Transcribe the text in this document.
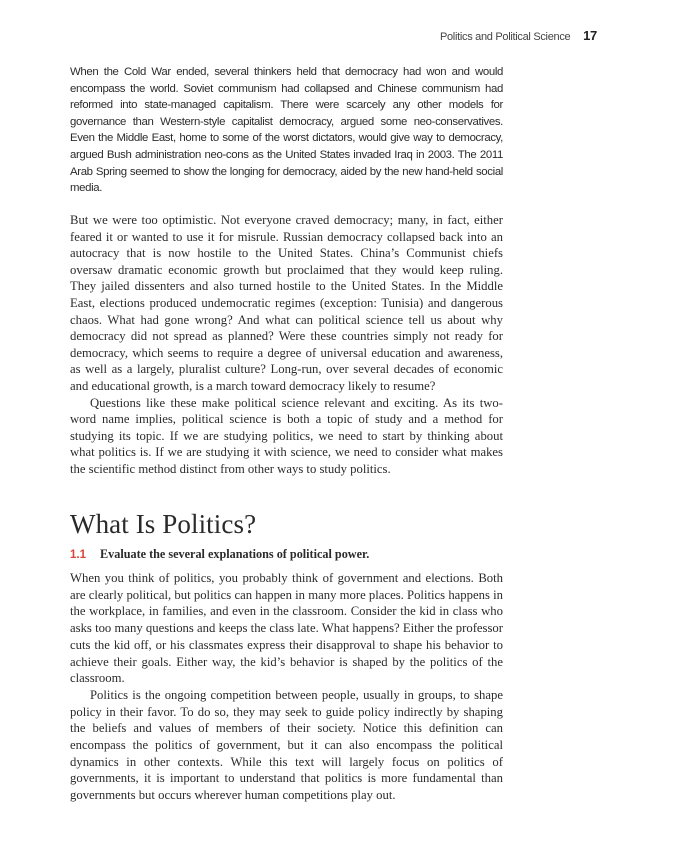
Politics and Political Science 17

When the Cold War ended, several thinkers held that democracy had won and would encompass the world. Soviet communism had collapsed and Chinese communism had reformed into state-managed capitalism. There were scarcely any other models for governance than Western-style capitalist democracy, argued some neo-conservatives. Even the Middle East, home to some of the worst dictators, would give way to democracy, argued Bush administration neo-cons as the United States invaded Iraq in 2003. The 2011 Arab Spring seemed to show the longing for democracy, aided by the new hand-held social media.

But we were too optimistic. Not everyone craved democracy; many, in fact, either feared it or wanted to use it for misrule. Russian democracy collapsed back into an autocracy that is now hostile to the United States. China’s Communist chiefs oversaw dramatic economic growth but proclaimed that they would keep ruling. They jailed dissenters and also turned hostile to the United States. In the Middle East, elections produced undemocratic regimes (exception: Tunisia) and dangerous chaos. What had gone wrong? And what can political science tell us about why democracy did not spread as planned? Were these countries simply not ready for democracy, which seems to require a degree of universal education and awareness, as well as a largely, pluralist culture? Long-run, over several decades of economic and educational growth, is a march toward democracy likely to resume?

Questions like these make political science relevant and exciting. As its two-word name implies, political science is both a topic of study and a method for studying its topic. If we are studying politics, we need to start by thinking about what politics is. If we are studying it with science, we need to consider what makes the scientific method distinct from other ways to study politics.

What Is Politics?
1.1 Evaluate the several explanations of political power.

When you think of politics, you probably think of government and elections. Both are clearly political, but politics can happen in many more places. Politics happens in the workplace, in families, and even in the classroom. Consider the kid in class who asks too many questions and keeps the class late. What happens? Either the professor cuts the kid off, or his classmates express their disapproval to shape his behavior to achieve their goals. Either way, the kid’s behavior is shaped by the politics of the classroom.

Politics is the ongoing competition between people, usually in groups, to shape policy in their favor. To do so, they may seek to guide policy indirectly by shaping the beliefs and values of members of their society. Notice this definition can encompass the politics of government, but it can also encompass the political dynamics in other contexts. While this text will largely focus on politics of governments, it is important to understand that politics is more fundamental than governments but occurs wherever human competitions play out.
